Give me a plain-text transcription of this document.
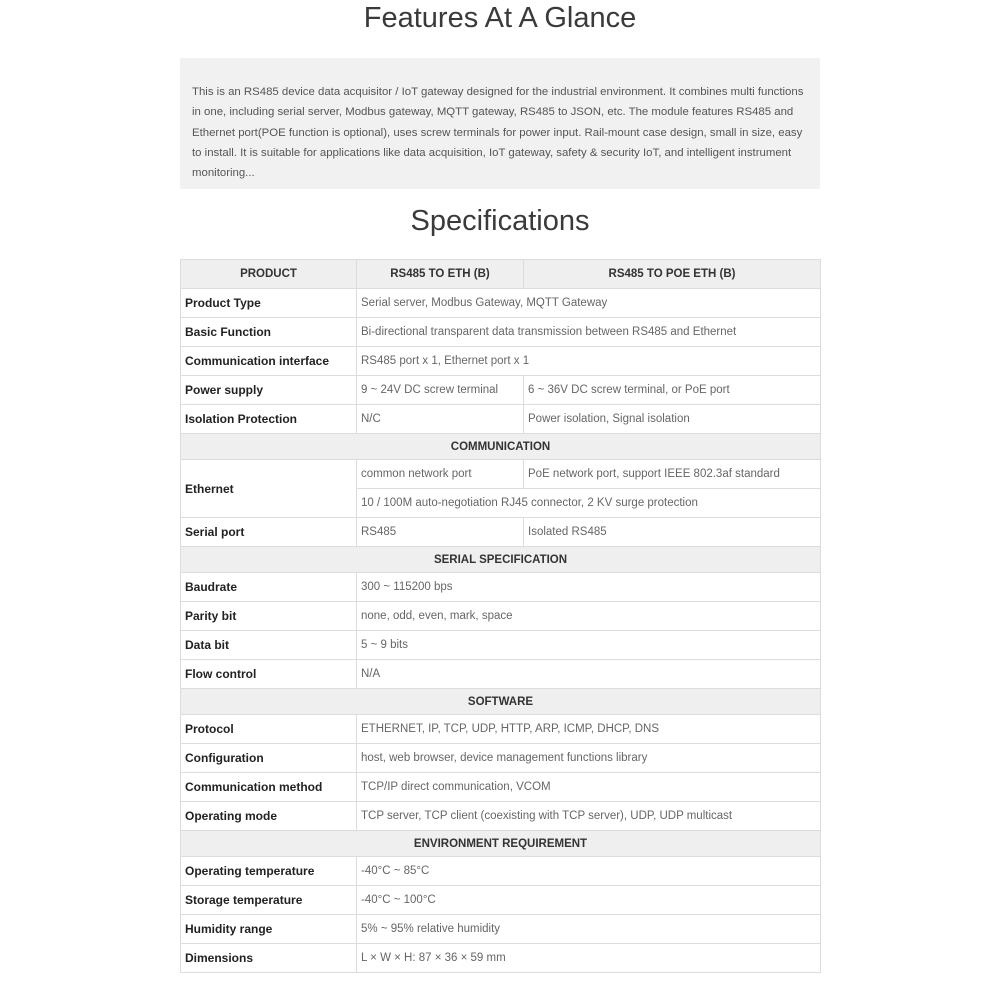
Features At A Glance
This is an RS485 device data acquisitor / IoT gateway designed for the industrial environment. It combines multi functions in one, including serial server, Modbus gateway, MQTT gateway, RS485 to JSON, etc. The module features RS485 and Ethernet port(POE function is optional), uses screw terminals for power input. Rail-mount case design, small in size, easy to install. It is suitable for applications like data acquisition, IoT gateway, safety & security IoT, and intelligent instrument monitoring...
Specifications
PRODUCT	RS485 TO ETH (B)	RS485 TO POE ETH (B)
Product Type	Serial server, Modbus Gateway, MQTT Gateway	
Basic Function	Bi-directional transparent data transmission between RS485 and Ethernet	
Communication interface	RS485 port x 1, Ethernet port x 1	
Power supply	9 ~ 24V DC screw terminal	6 ~ 36V DC screw terminal, or PoE port
Isolation Protection	N/C	Power isolation, Signal isolation
COMMUNICATION		
Ethernet	common network port	PoE network port, support IEEE 802.3af standard
	10 / 100M auto-negotiation RJ45 connector, 2 KV surge protection	
Serial port	RS485	Isolated RS485
SERIAL SPECIFICATION		
Baudrate	300 ~ 115200 bps	
Parity bit	none, odd, even, mark, space	
Data bit	5 ~ 9 bits	
Flow control	N/A	
SOFTWARE		
Protocol	ETHERNET, IP, TCP, UDP, HTTP, ARP, ICMP, DHCP, DNS	
Configuration	host, web browser, device management functions library	
Communication method	TCP/IP direct communication, VCOM	
Operating mode	TCP server, TCP client (coexisting with TCP server), UDP, UDP multicast	
ENVIRONMENT REQUIREMENT		
Operating temperature	-40°C ~ 85°C	
Storage temperature	-40°C ~ 100°C	
Humidity range	5% ~ 95% relative humidity	
Dimensions	L × W × H: 87 × 36 × 59 mm	
